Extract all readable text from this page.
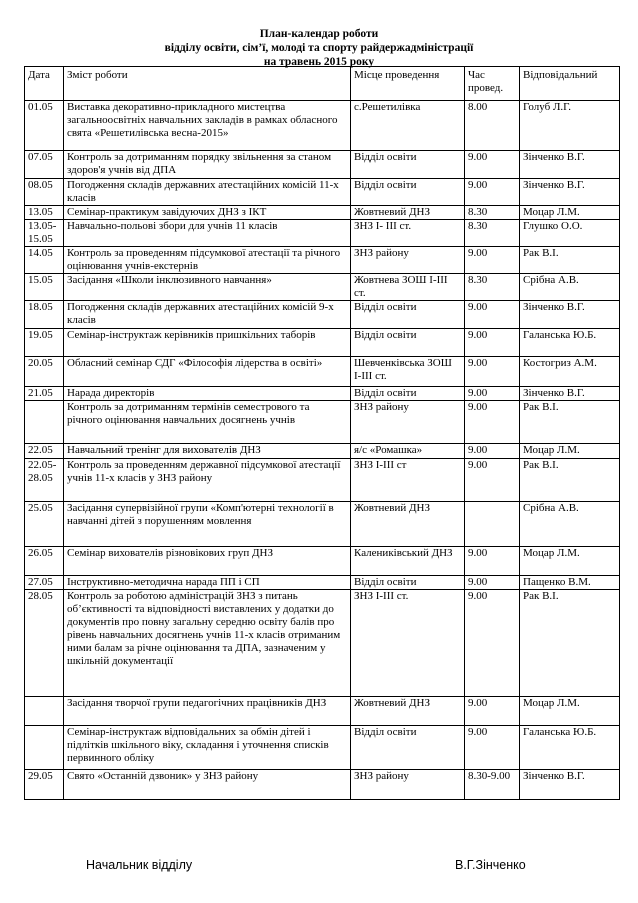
План-календар роботи
відділу освіти, сім’ї, молоді та спорту райдержадміністрації
на травень 2015 року
Дата	Зміст роботи	Місце проведення	Час провед.	Відповідальний
01.05	Виставка декоративно-прикладного мистецтва загальноосвітніх навчальних закладів в рамках обласного свята «Решетилівська весна-2015»	с.Решетилівка	8.00	Голуб Л.Г.
07.05	Контроль за дотриманням порядку звільнення за станом здоров'я учнів від ДПА	Відділ освіти	9.00	Зінченко В.Г.
08.05	Погодження складів державних атестаційних комісій 11-х класів	Відділ освіти	9.00	Зінченко В.Г.
13.05	Семінар-практикум завідуючих ДНЗ з ІКТ	Жовтневий ДНЗ	8.30	Моцар Л.М.
13.05-15.05	Навчально-польові збори для учнів 11 класів	ЗНЗ І- ІІІ ст.	8.30	Глушко О.О.
14.05	Контроль за проведенням підсумкової атестації та річного оцінювання учнів-екстернів	ЗНЗ району	9.00	Рак В.І.
15.05	Засідання «Школи інклюзивного навчання»	Жовтнева ЗОШ І-ІІІ ст.	8.30	Срібна А.В.
18.05	Погодження складів державних атестаційних комісій 9-х класів	Відділ освіти	9.00	Зінченко В.Г.
19.05	Семінар-інструктаж керівників пришкільних таборів	Відділ освіти	9.00	Галанська Ю.Б.
20.05	Обласний семінар СДГ «Філософія лідерства в освіті»	Шевченківська ЗОШ І-ІІІ ст.	9.00	Костогриз А.М.
21.05	Нарада директорів	Відділ освіти	9.00	Зінченко В.Г.
	Контроль за дотриманням термінів семестрового та річного оцінювання навчальних досягнень учнів	ЗНЗ району	9.00	Рак В.І.
22.05	Навчальний тренінг для вихователів ДНЗ	я/с «Ромашка»	9.00	Моцар Л.М.
22.05-28.05	Контроль за проведенням державної підсумкової атестації учнів 11-х класів у ЗНЗ району	ЗНЗ І-ІІІ ст	9.00	Рак В.І.
25.05	Засідання супервізійної групи «Комп'ютерні технології в навчанні дітей з порушенням мовлення	Жовтневий ДНЗ		Срібна А.В.
26.05	Семінар вихователів різновікових груп ДНЗ	Калениківський ДНЗ	9.00	Моцар Л.М.
27.05	Інструктивно-методична нарада ПП і СП	Відділ освіти	9.00	Пащенко В.М.
28.05	Контроль за роботою адміністрацій ЗНЗ з питань об’єктивності та відповідності виставлених у додатки до документів про повну загальну середню освіту балів про рівень навчальних досягнень учнів 11-х класів отриманим ними балам за річне оцінювання та ДПА, зазначеним у шкільній документації	ЗНЗ І-ІІІ ст.	9.00	Рак В.І.
	Засідання творчої групи педагогічних працівників ДНЗ	Жовтневий ДНЗ	9.00	Моцар Л.М.
	Семінар-інструктаж відповідальних за обмін дітей і підлітків шкільного віку, складання і уточнення списків первинного обліку	Відділ освіти	9.00	Галанська Ю.Б.
29.05	Свято «Останній дзвоник» у ЗНЗ району	ЗНЗ району	8.30-9.00	Зінченко В.Г.
Начальник відділу	В.Г.Зінченко
